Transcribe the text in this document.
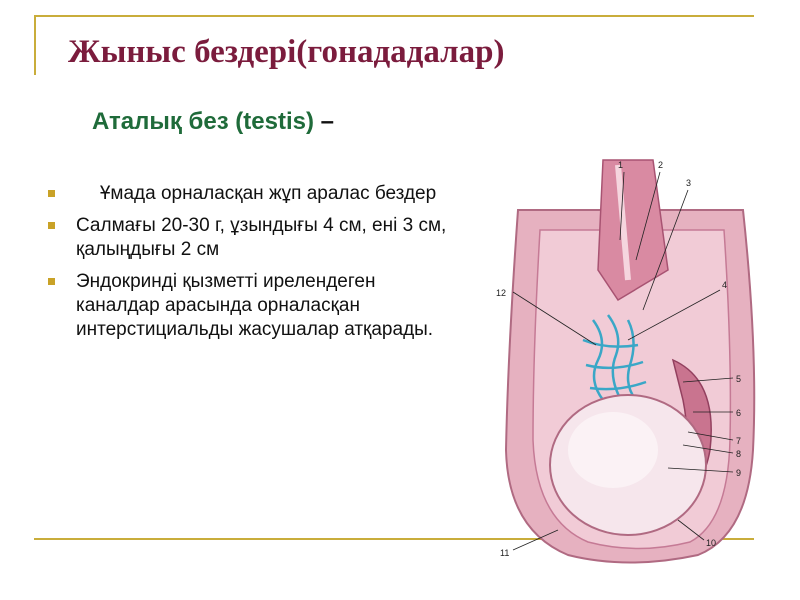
Жыныс бездері(гонададалар)
Аталық без (testis) –
Ұмада орналасқан жұп аралас бездер
Салмағы 20-30 г, ұзындығы 4 см, ені 3 см, қалыңдығы 2 см
Эндокринді қызметті ирелендеген каналдар арасында орналасқан интерстициальды жасушалар атқарады.
1	2
3
4
5
6
7
8
9
10
11
12
